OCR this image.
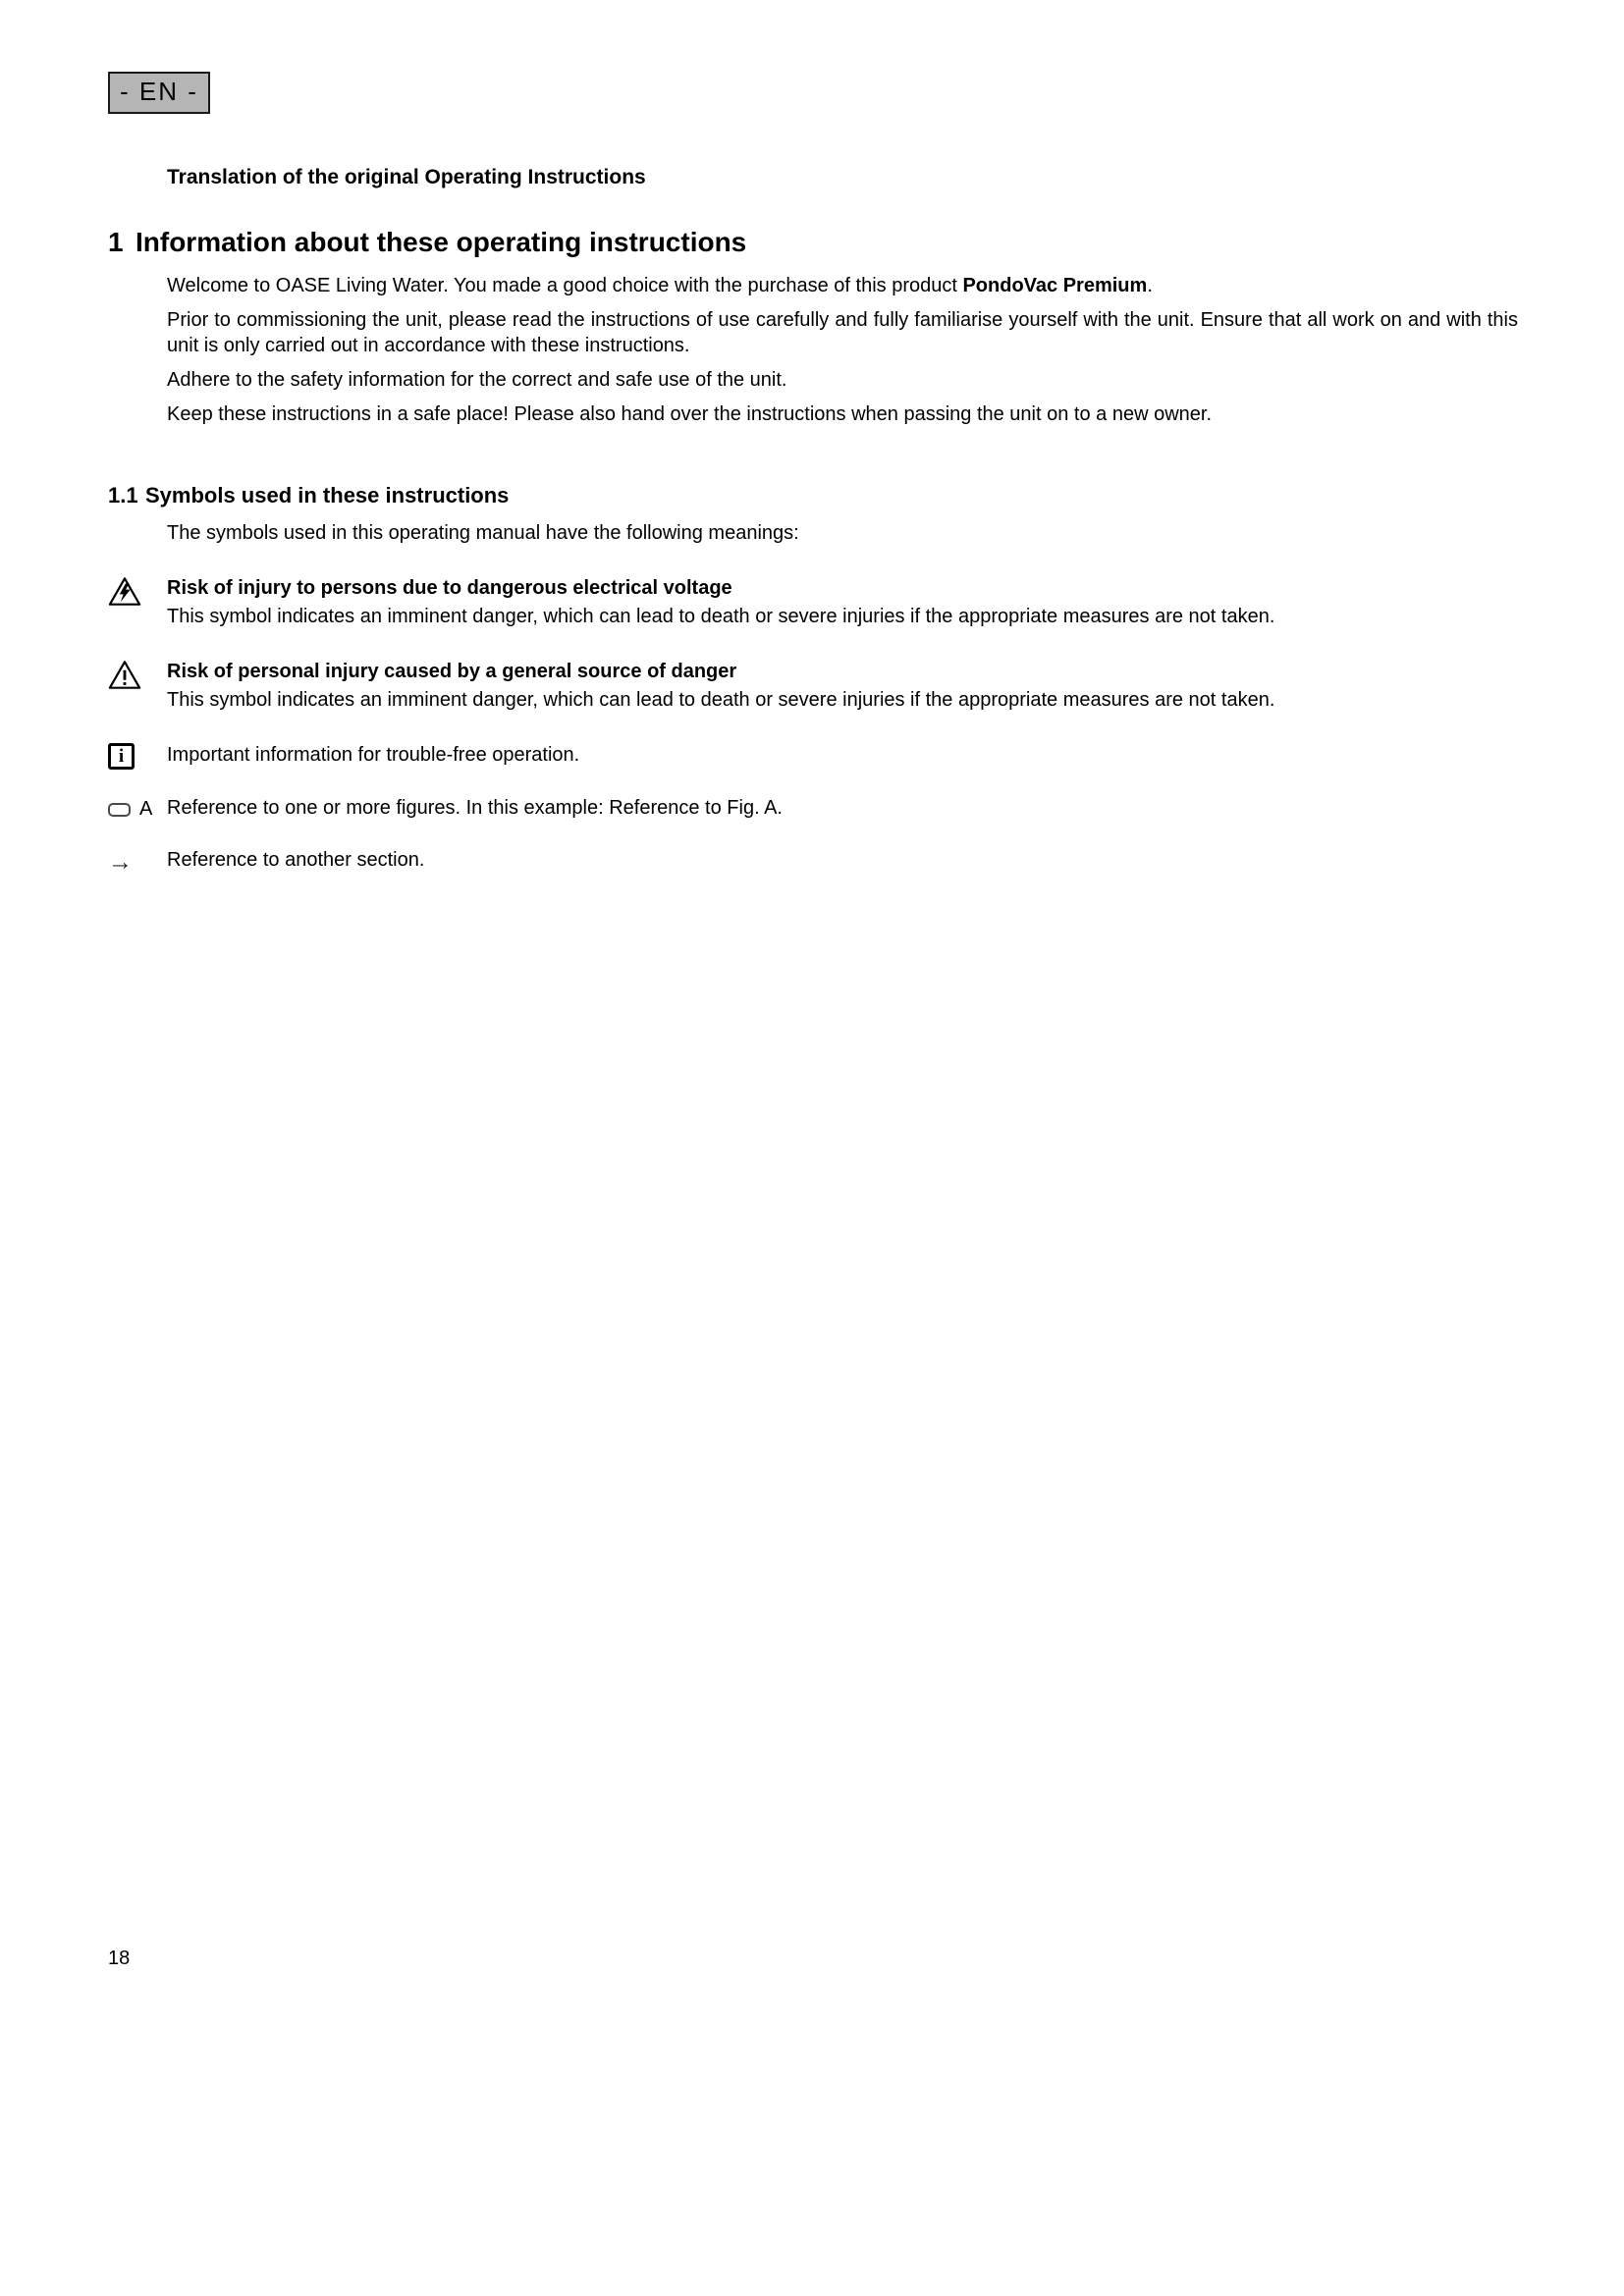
- EN -
Translation of the original Operating Instructions
1 Information about these operating instructions

Welcome to OASE Living Water. You made a good choice with the purchase of this product PondoVac Premium.

Prior to commissioning the unit, please read the instructions of use carefully and fully familiarise yourself with the unit. Ensure that all work on and with this unit is only carried out in accordance with these instructions.

Adhere to the safety information for the correct and safe use of the unit.

Keep these instructions in a safe place! Please also hand over the instructions when passing the unit on to a new owner.

1.1 Symbols used in these instructions
The symbols used in this operating manual have the following meanings:
Risk of injury to persons due to dangerous electrical voltage
This symbol indicates an imminent danger, which can lead to death or severe injuries if the appropriate measures are not taken.
Risk of personal injury caused by a general source of danger
This symbol indicates an imminent danger, which can lead to death or severe injuries if the appropriate measures are not taken.
i	Important information for trouble-free operation.
A Reference to one or more figures. In this example: Reference to Fig. A.
→	Reference to another section.
18
